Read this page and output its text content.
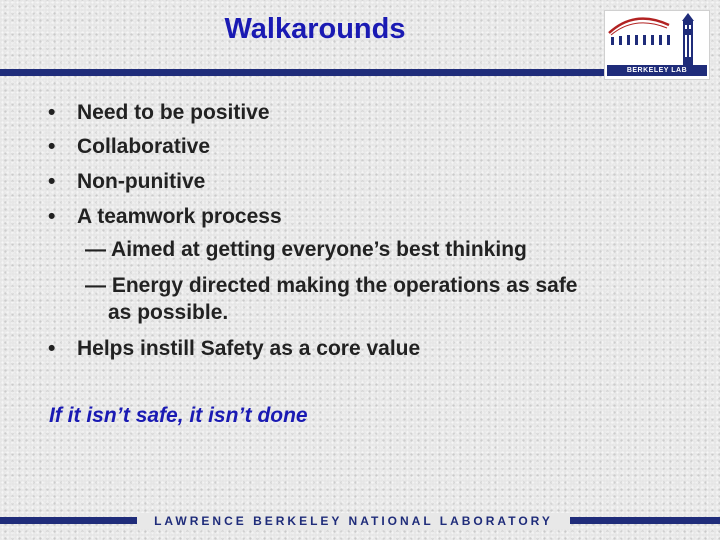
Walkarounds
BERKELEY LAB
• Need to be positive
• Collaborative
• Non-punitive
• A teamwork process
— Aimed at getting everyone’s best thinking
— Energy directed making the operations as safe
as possible.
• Helps instill Safety as a core value
If it isn’t safe, it isn’t done
LAWRENCE BERKELEY NATIONAL LABORATORY
